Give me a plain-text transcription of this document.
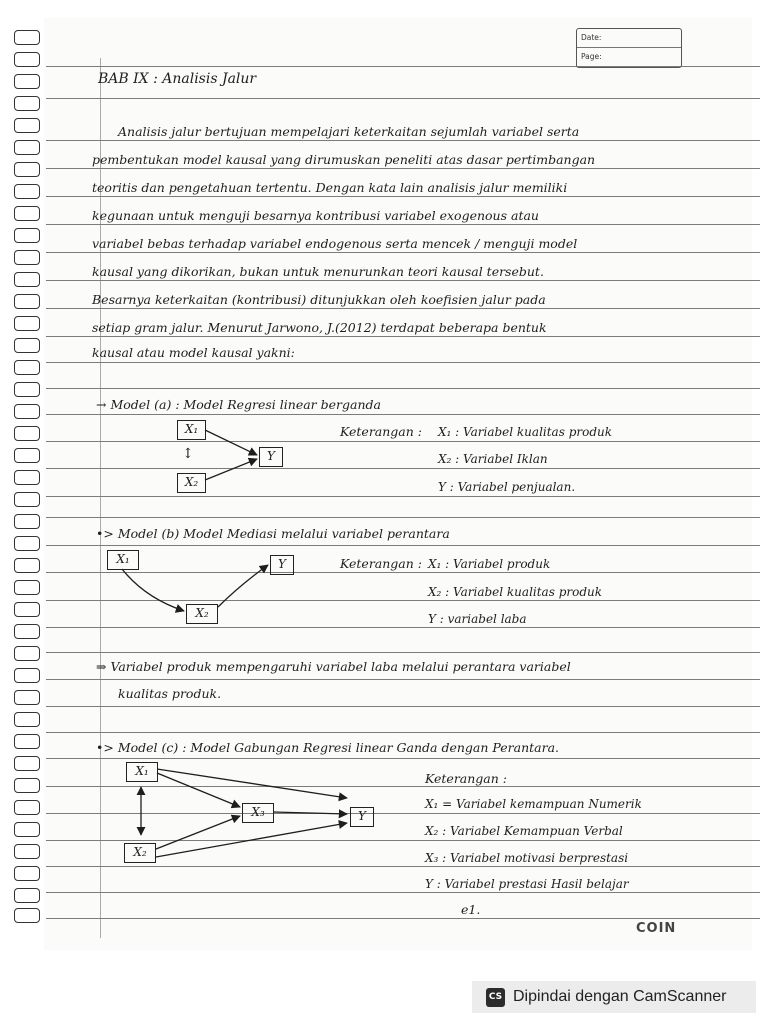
Date:
Page:
BAB IX : Analisis Jalur
Analisis jalur bertujuan mempelajari keterkaitan sejumlah variabel serta
pembentukan model kausal yang dirumuskan peneliti atas dasar pertimbangan
teoritis dan pengetahuan tertentu. Dengan kata lain analisis jalur memiliki
kegunaan untuk menguji besarnya kontribusi variabel exogenous atau
variabel bebas terhadap variabel endogenous serta mencek / menguji model
kausal yang dikorikan, bukan untuk menurunkan teori kausal tersebut.
Besarnya keterkaitan (kontribusi) ditunjukkan oleh koefisien jalur pada
setiap gram jalur. Menurut Jarwono, J.(2012) terdapat beberapa bentuk
kausal atau model kausal yakni:
→ Model (a) : Model Regresi linear berganda
X₁
X₂
Y
↕
Keterangan : X₁ : Variabel kualitas produk
X₂ : Variabel Iklan
Y : Variabel penjualan.
•> Model (b) Model Mediasi melalui variabel perantara
X₁	Y
X₂
Keterangan : X₁ : Variabel produk
X₂ : Variabel kualitas produk
Y : variabel laba
⇒ Variabel produk mempengaruhi variabel laba melalui perantara variabel
kualitas produk.
•> Model (c) : Model Gabungan Regresi linear Ganda dengan Perantara.
X₁
X₂
X₃	Y
Keterangan :
X₁ = Variabel kemampuan Numerik
X₂ : Variabel Kemampuan Verbal
X₃ : Variabel motivasi berprestasi
Y : Variabel prestasi Hasil belajar
e1.
COIN
CS Dipindai dengan CamScanner
